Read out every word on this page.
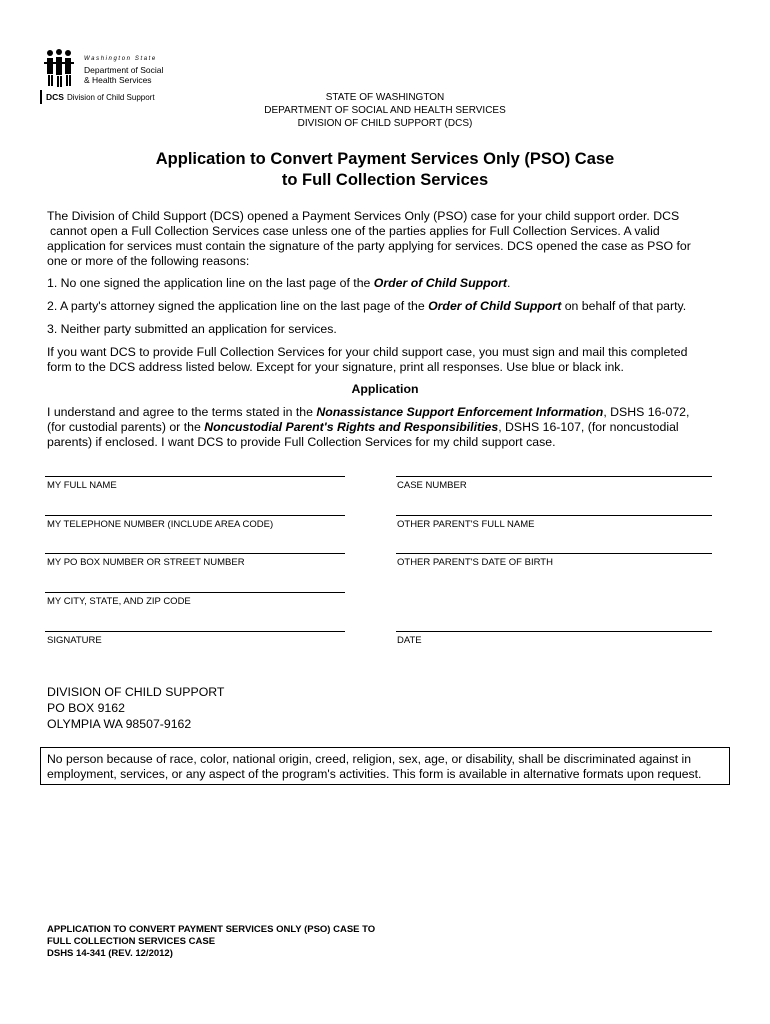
Washington State
Department of Social
& Health Services
DCS Division of Child Support	STATE OF WASHINGTON
DEPARTMENT OF SOCIAL AND HEALTH SERVICES
DIVISION OF CHILD SUPPORT (DCS)
Application to Convert Payment Services Only (PSO) Case
to Full Collection Services
The Division of Child Support (DCS) opened a Payment Services Only (PSO) case for your child support order. DCS
cannot open a Full Collection Services case unless one of the parties applies for Full Collection Services. A valid
application for services must contain the signature of the party applying for services. DCS opened the case as PSO for
one or more of the following reasons:
1. No one signed the application line on the last page of the Order of Child Support.
2. A party's attorney signed the application line on the last page of the Order of Child Support on behalf of that party.
3. Neither party submitted an application for services.
If you want DCS to provide Full Collection Services for your child support case, you must sign and mail this completed
form to the DCS address listed below. Except for your signature, print all responses. Use blue or black ink.
Application
I understand and agree to the terms stated in the Nonassistance Support Enforcement Information, DSHS 16-072,
(for custodial parents) or the Noncustodial Parent's Rights and Responsibilities, DSHS 16-107, (for noncustodial
parents) if enclosed. I want DCS to provide Full Collection Services for my child support case.
MY FULL NAME	CASE NUMBER
MY TELEPHONE NUMBER (INCLUDE AREA CODE)	OTHER PARENT'S FULL NAME
MY PO BOX NUMBER OR STREET NUMBER	OTHER PARENT'S DATE OF BIRTH
MY CITY, STATE, AND ZIP CODE
SIGNATURE	DATE
DIVISION OF CHILD SUPPORT
PO BOX 9162
OLYMPIA WA 98507-9162
No person because of race, color, national origin, creed, religion, sex, age, or disability, shall be discriminated against in
employment, services, or any aspect of the program's activities. This form is available in alternative formats upon request.
APPLICATION TO CONVERT PAYMENT SERVICES ONLY (PSO) CASE TO
FULL COLLECTION SERVICES CASE
DSHS 14-341 (REV. 12/2012)
